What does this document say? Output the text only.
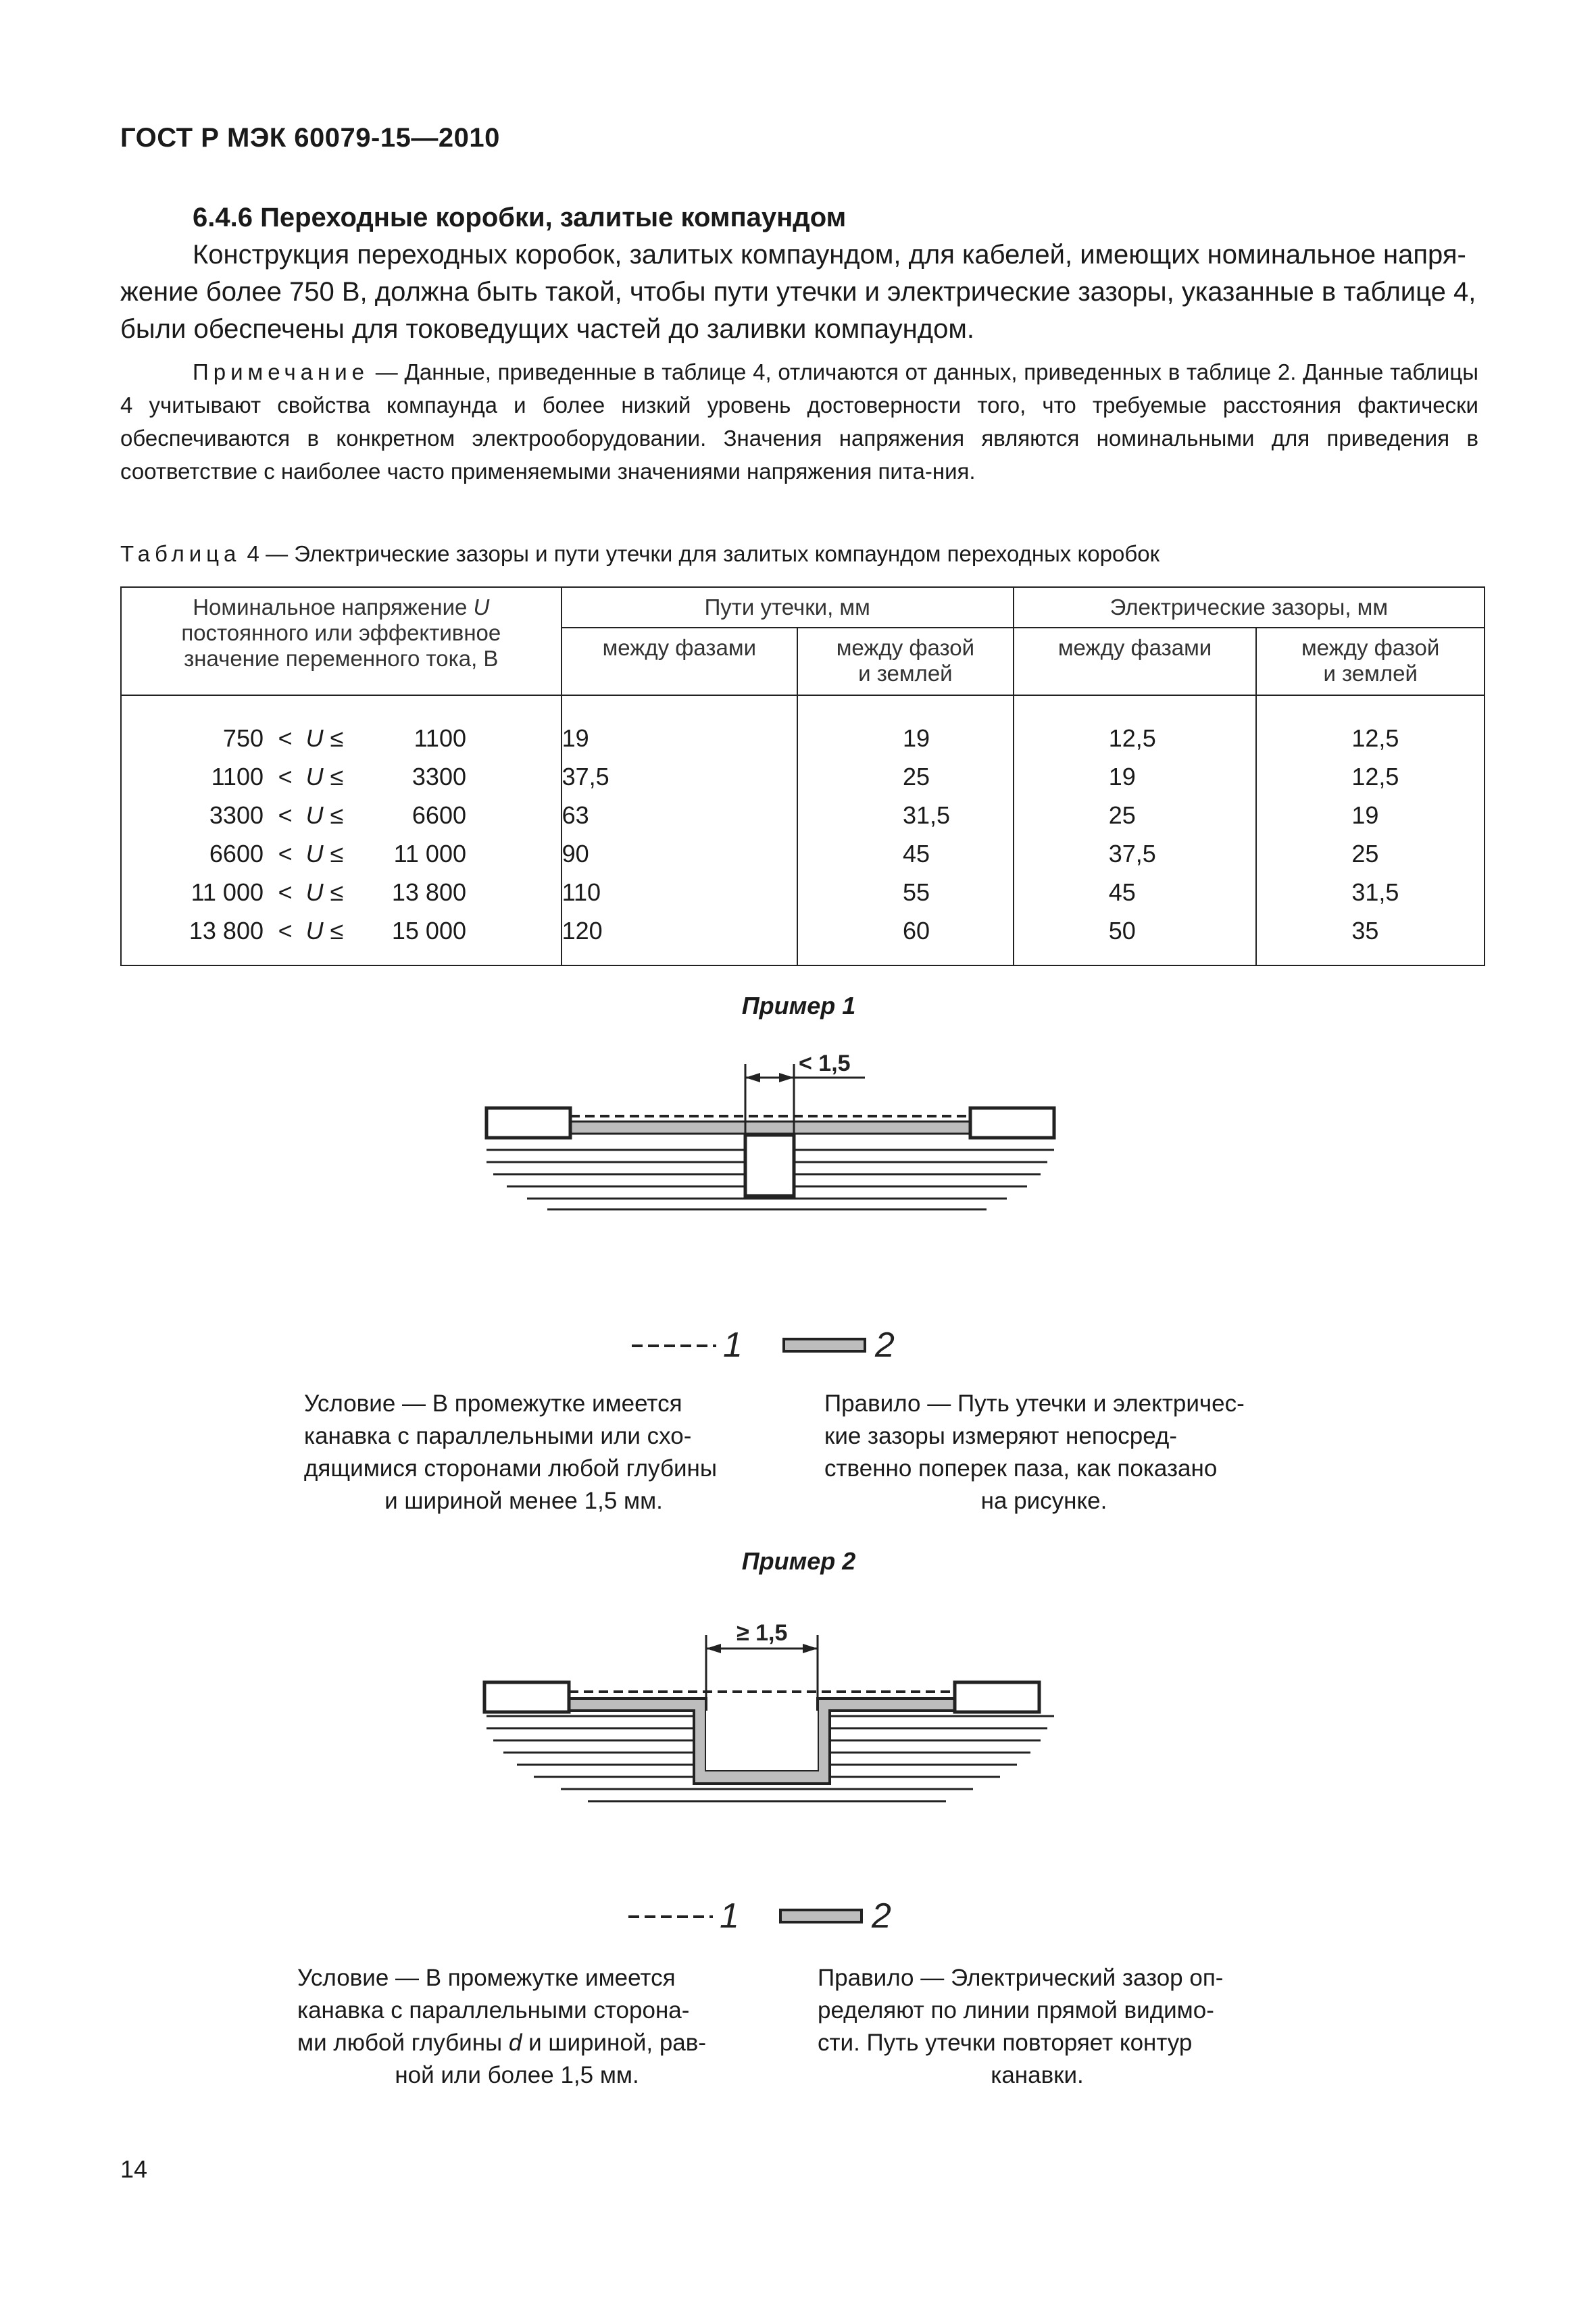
ГОСТ Р МЭК 60079-15—2010
6.4.6 Переходные коробки, залитые компаундом
Конструкция переходных коробок, залитых компаундом, для кабелей, имеющих номинальное напря-
жение более 750 В, должна быть такой, чтобы пути утечки и электрические зазоры, указанные в таблице 4,
были обеспечены для токоведущих частей до заливки компаундом.
Примечание — Данные, приведенные в таблице 4, отличаются от данных, приведенных в таблице 2. Данные таблицы 4 учитывают свойства компаунда и более низкий уровень достоверности того, что требуемые расстояния фактически обеспечиваются в конкретном электрооборудовании. Значения напряжения являются номинальными для приведения в соответствие с наиболее часто применяемыми значениями напряжения пита-ния.
Таблица 4 — Электрические зазоры и пути утечки для залитых компаундом переходных коробок
Номинальное напряжение U
постоянного или эффективное
значение переменного тока, В	Пути утечки, мм		Электрические зазоры, мм	
	между фазами	между фазой
и землей	между фазами	между фазой
и землей

750 < U ≤ 1100	19	19	12,5	12,5

1100 < U ≤ 3300	37,5	25	19	12,5

3300 < U ≤ 6600	63	31,5	25	19

6600 < U ≤ 11 000	90	45	37,5	25

11 000 < U ≤ 13 800	110	55	45	31,5

13 800 < U ≤ 15 000	120	60	50	35
Пример 1
< 1,5
1	2
Условие — В промежутке имеется
канавка с параллельными или схо-
дящимися сторонами любой глубины
и шириной менее 1,5 мм.
Правило — Путь утечки и электричес-
кие зазоры измеряют непосред-
ственно поперек паза, как показано
на рисунке.
Пример 2
≥ 1,5
1	2
Условие — В промежутке имеется
канавка с параллельными сторона-
ми любой глубины d и шириной, рав-
ной или более 1,5 мм.
Правило — Электрический зазор оп-
ределяют по линии прямой видимо-
сти. Путь утечки повторяет контур
канавки.
14
